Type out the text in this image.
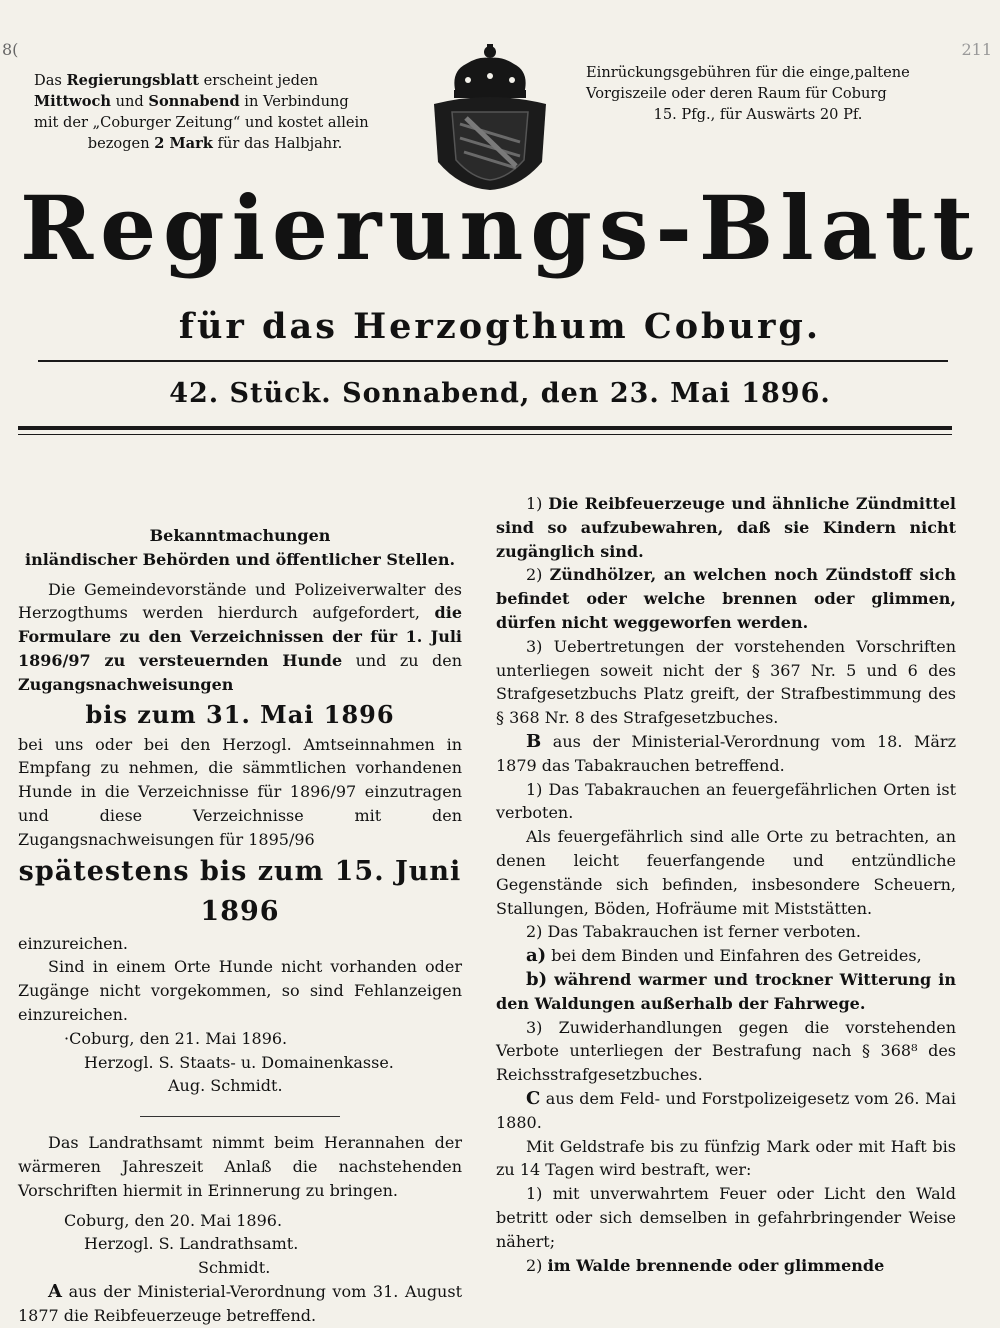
8(	211
Das Regierungsblatt erscheint jeden
Mittwoch und Sonnabend in Verbindung
mit der „Coburger Zeitung“ und kostet allein

bezogen 2 Mark für das Halbjahr.
Einrückungsgebühren für die einge‚paltene
Vorgiszeile oder deren Raum für Coburg

15. Pfg., für Auswärts 20 Pf.
Regierungs-Blatt
für das Herzogthum Coburg.
42. Stück. Sonnabend, den 23. Mai 1896.

Bekanntmachungen

inländischer Behörden und öffentlicher Stellen.

Die Gemeindevorstände und Polizeiverwalter des Herzogthums werden hierdurch aufgefordert, die Formulare zu den Verzeichnissen der für 1. Juli 1896/97 zu versteuernden Hunde und zu den Zugangsnachweisungen

bis zum 31. Mai 1896

bei uns oder bei den Herzogl. Amtseinnahmen in Empfang zu nehmen, die sämmtlichen vorhandenen Hunde in die Verzeichnisse für 1896/97 einzutragen und diese Verzeichnisse mit den Zugangsnachweisungen für 1895/96

spätestens bis zum 15. Juni 1896

einzureichen.

Sind in einem Orte Hunde nicht vorhanden oder Zugänge nicht vorgekommen, so sind Fehlanzeigen einzureichen.

·Coburg, den 21. Mai 1896.

Herzogl. S. Staats- u. Domainenkasse.

Aug. Schmidt.

Das Landrathsamt nimmt beim Herannahen der wärmeren Jahreszeit Anlaß die nachstehenden Vorschriften hiermit in Erinnerung zu bringen.

Coburg, den 20. Mai 1896.

Herzogl. S. Landrathsamt.

Schmidt.

A aus der Ministerial-Verordnung vom 31. August 1877 die Reibfeuerzeuge betreffend.

1) Die Reibfeuerzeuge und ähnliche Zündmittel sind so aufzubewahren, daß sie Kindern nicht zugänglich sind.

2) Zündhölzer, an welchen noch Zündstoff sich befindet oder welche brennen oder glimmen, dürfen nicht weggeworfen werden.

3) Uebertretungen der vorstehenden Vorschriften unterliegen soweit nicht der § 367 Nr. 5 und 6 des Strafgesetzbuchs Platz greift, der Strafbestimmung des § 368 Nr. 8 des Strafgesetzbuches.

B aus der Ministerial-Verordnung vom 18. März 1879 das Tabakrauchen betreffend.

1) Das Tabakrauchen an feuergefährlichen Orten ist verboten.

Als feuergefährlich sind alle Orte zu betrachten, an denen leicht feuerfangende und entzündliche Gegenstände sich befinden, insbesondere Scheuern, Stallungen, Böden, Hofräume mit Miststätten.

2) Das Tabakrauchen ist ferner verboten.

a) bei dem Binden und Einfahren des Getreides,

b) während warmer und trockner Witterung in den Waldungen außerhalb der Fahrwege.

3) Zuwiderhandlungen gegen die vorstehenden Verbote unterliegen der Bestrafung nach § 368⁸ des Reichsstrafgesetzbuches.

C aus dem Feld- und Forstpolizeigesetz vom 26. Mai 1880.

Mit Geldstrafe bis zu fünfzig Mark oder mit Haft bis zu 14 Tagen wird bestraft, wer:

1) mit unverwahrtem Feuer oder Licht den Wald betritt oder sich demselben in gefahrbringender Weise nähert;

2) im Walde brennende oder glimmende
